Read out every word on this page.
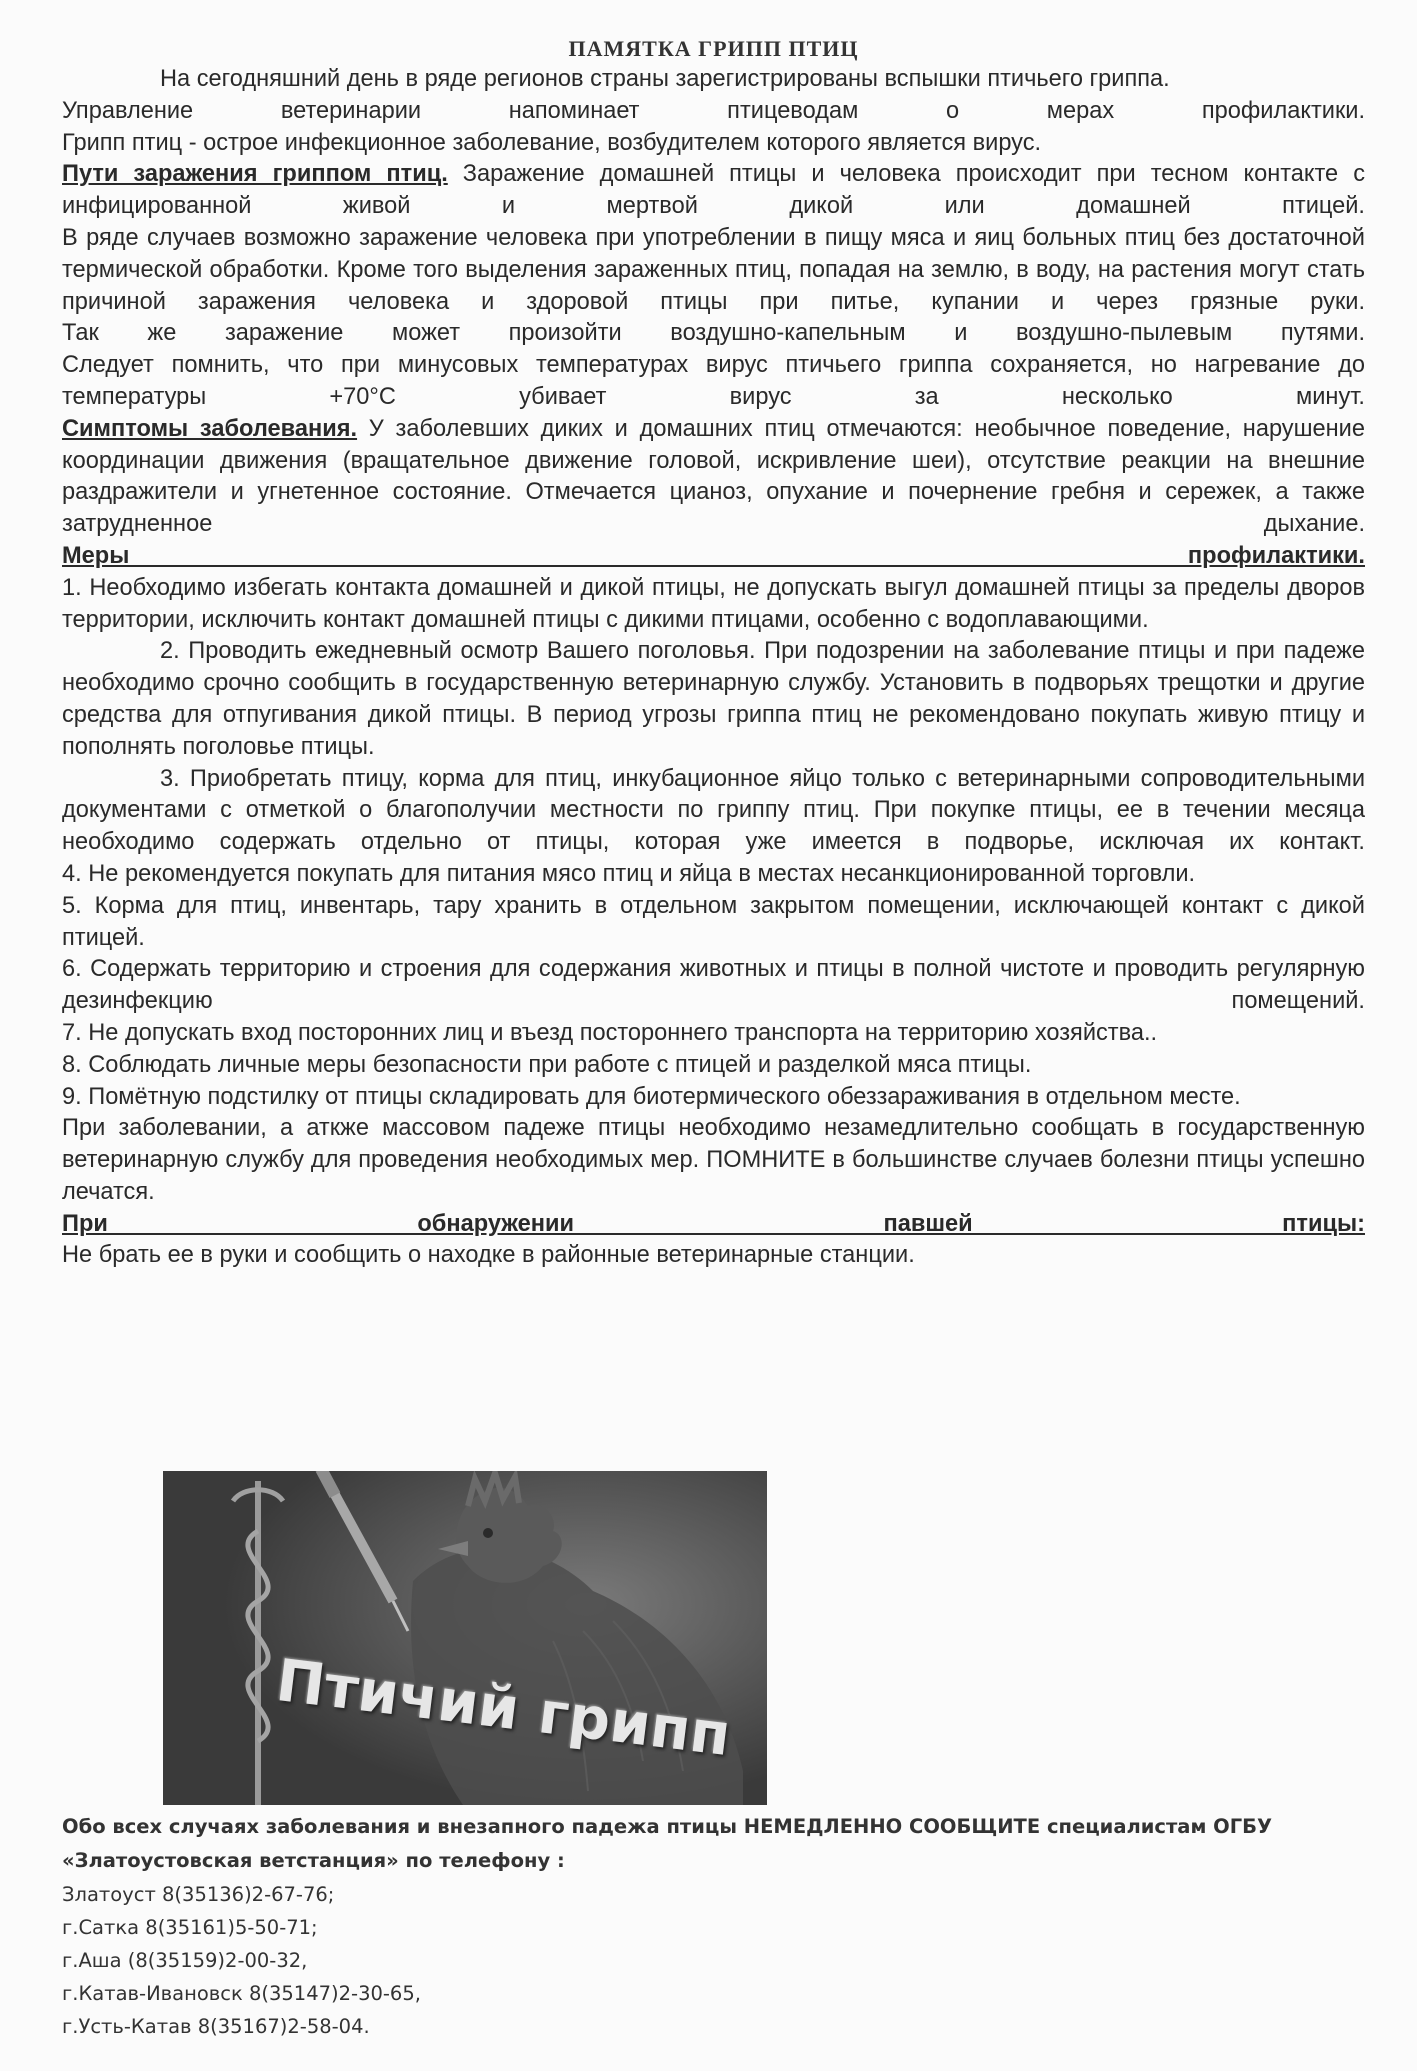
ПАМЯТКА ГРИПП ПТИЦ

На сегодняшний день в ряде регионов страны зарегистрированы вспышки птичьего гриппа.

Управление ветеринарии напоминает птицеводам о мерах профилактики.

Грипп птиц - острое инфекционное заболевание, возбудителем которого является вирус.

Пути заражения гриппом птиц. Заражение домашней птицы и человека происходит при тесном контакте с инфицированной живой и мертвой дикой или домашней птицей.

В ряде случаев возможно заражение человека при употреблении в пищу мяса и яиц больных птиц без достаточной термической обработки. Кроме того выделения зараженных птиц, попадая на землю, в воду, на растения могут стать причиной заражения человека и здоровой птицы при питье, купании и через грязные руки.

Так же заражение может произойти воздушно-капельным и воздушно-пылевым путями.

Следует помнить, что при минусовых температурах вирус птичьего гриппа сохраняется, но нагревание до температуры +70°С убивает вирус за несколько минут.

Симптомы заболевания. У заболевших диких и домашних птиц отмечаются: необычное поведение, нарушение координации движения (вращательное движение головой, искривление шеи), отсутствие реакции на внешние раздражители и угнетенное состояние. Отмечается цианоз, опухание и почернение гребня и сережек, а также затрудненное дыхание.

Меры профилактики.

1. Необходимо избегать контакта домашней и дикой птицы, не допускать выгул домашней птицы за пределы дворов территории, исключить контакт домашней птицы с дикими птицами, особенно с водоплавающими.

2. Проводить ежедневный осмотр Вашего поголовья. При подозрении на заболевание птицы и при падеже необходимо срочно сообщить в государственную ветеринарную службу. Установить в подворьях трещотки и другие средства для отпугивания дикой птицы. В период угрозы гриппа птиц не рекомендовано покупать живую птицу и пополнять поголовье птицы.

3. Приобретать птицу, корма для птиц, инкубационное яйцо только с ветеринарными сопроводительными документами с отметкой о благополучии местности по гриппу птиц. При покупке птицы, ее в течении месяца необходимо содержать отдельно от птицы, которая уже имеется в подворье, исключая их контакт.

4. Не рекомендуется покупать для питания мясо птиц и яйца в местах несанкционированной торговли.

5. Корма для птиц, инвентарь, тару хранить в отдельном закрытом помещении, исключающей контакт с дикой птицей.

6. Содержать территорию и строения для содержания животных и птицы в полной чистоте и проводить регулярную дезинфекцию помещений.

7. Не допускать вход посторонних лиц и въезд постороннего транспорта на территорию хозяйства..

8. Соблюдать личные меры безопасности при работе с птицей и разделкой мяса птицы.

9. Помётную подстилку от птицы складировать для биотермического обеззараживания в отдельном месте.

При заболевании, а аткже массовом падеже птицы необходимо незамедлительно сообщать в государственную ветеринарную службу для проведения необходимых мер. ПОМНИТЕ в большинстве случаев болезни птицы успешно лечатся.

При обнаружении павшей птицы:

Не брать ее в руки и сообщить о находке в районные ветеринарные станции.

Птичий грипп
Обо всех случаях заболевания и внезапного падежа птицы НЕМЕДЛЕННО СООБЩИТЕ специалистам ОГБУ «Златоустовская ветстанция» по телефону :
Златоуст 8(35136)2-67-76;
г.Сатка 8(35161)5-50-71;
г.Аша (8(35159)2-00-32,
г.Катав-Ивановск 8(35147)2-30-65,
г.Усть-Катав 8(35167)2-58-04.
